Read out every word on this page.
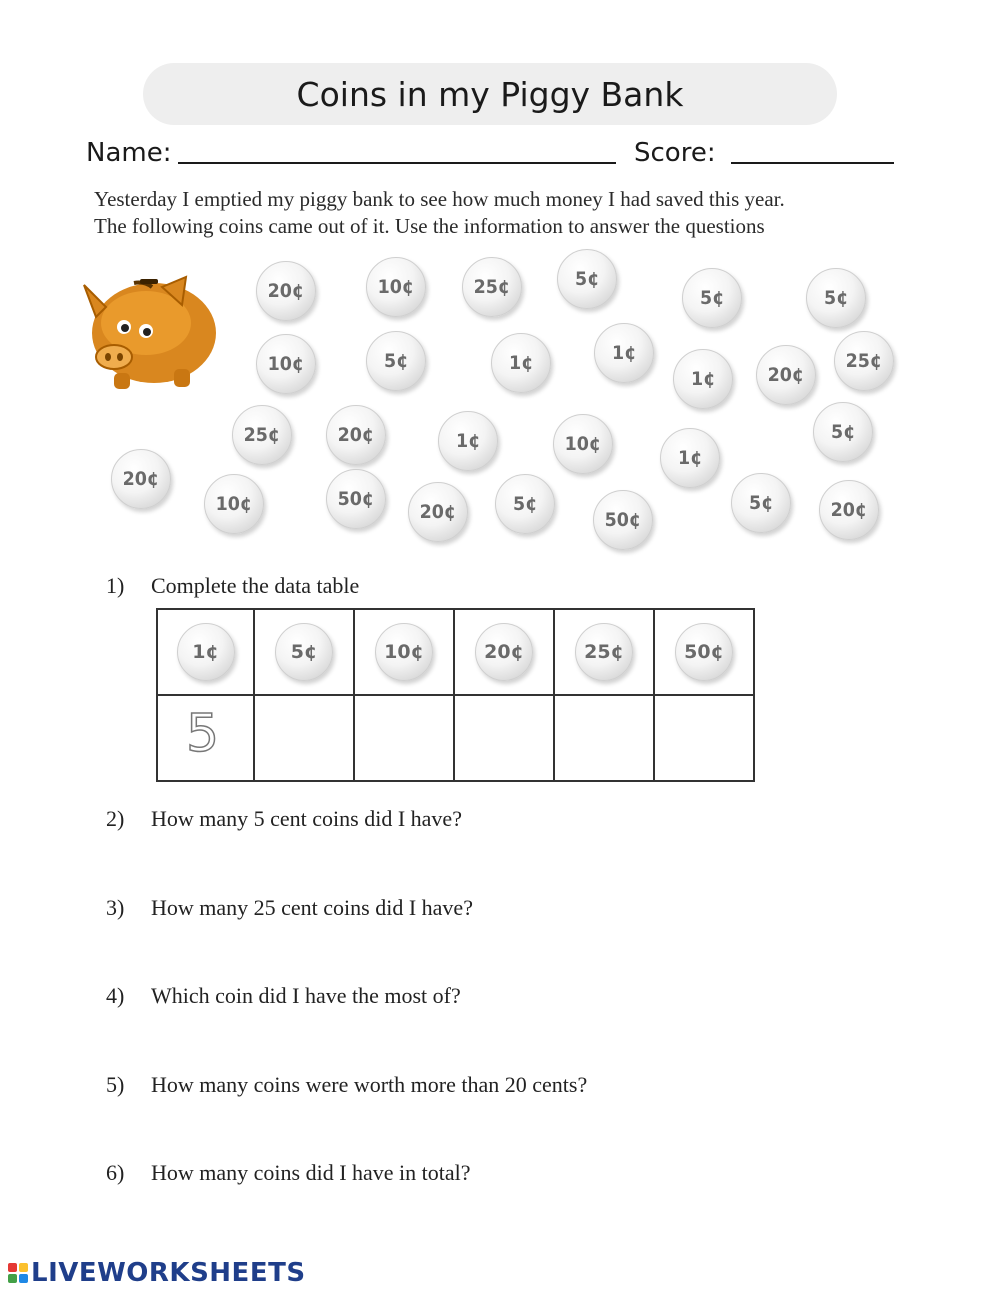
Coins in my Piggy Bank
Name:	Score:
Yesterday I emptied my piggy bank to see how much money I had saved this year.
The following coins came out of it. Use the information to answer the questions
20¢	10¢	25¢	5¢
5¢	5¢
10¢	5¢	1¢	1¢
1¢	20¢
25¢
25¢	20¢	1¢	10¢
1¢
5¢
20¢
10¢	50¢
20¢	5¢
50¢
5¢	20¢
1) Complete the data table
1¢	5¢	10¢	20¢	25¢	50¢

5

2) How many 5 cent coins did I have?
3) How many 25 cent coins did I have?
4) Which coin did I have the most of?
5) How many coins were worth more than 20 cents?
6) How many coins did I have in total?
LIVEWORKSHEETS
